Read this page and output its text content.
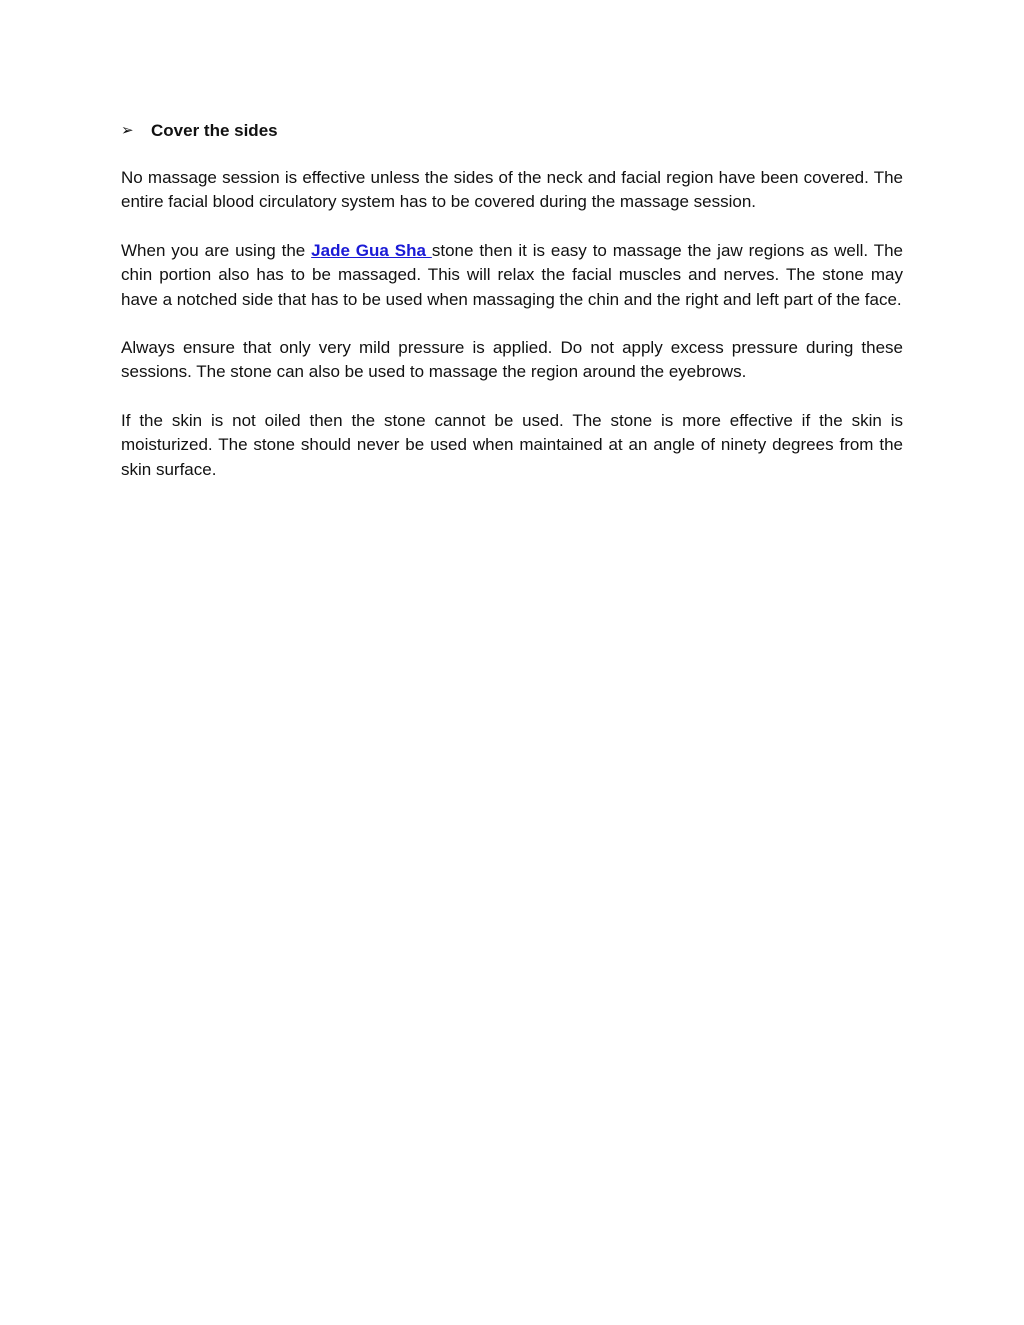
➢	Cover the sides

No massage session is effective unless the sides of the neck and facial region have been covered. The entire facial blood circulatory system has to be covered during the massage session.

When you are using the Jade Gua Sha stone then it is easy to massage the jaw regions as well. The chin portion also has to be massaged. This will relax the facial muscles and nerves. The stone may have a notched side that has to be used when massaging the chin and the right and left part of the face.

Always ensure that only very mild pressure is applied. Do not apply excess pressure during these sessions. The stone can also be used to massage the region around the eyebrows.

If the skin is not oiled then the stone cannot be used. The stone is more effective if the skin is moisturized. The stone should never be used when maintained at an angle of ninety degrees from the skin surface.
